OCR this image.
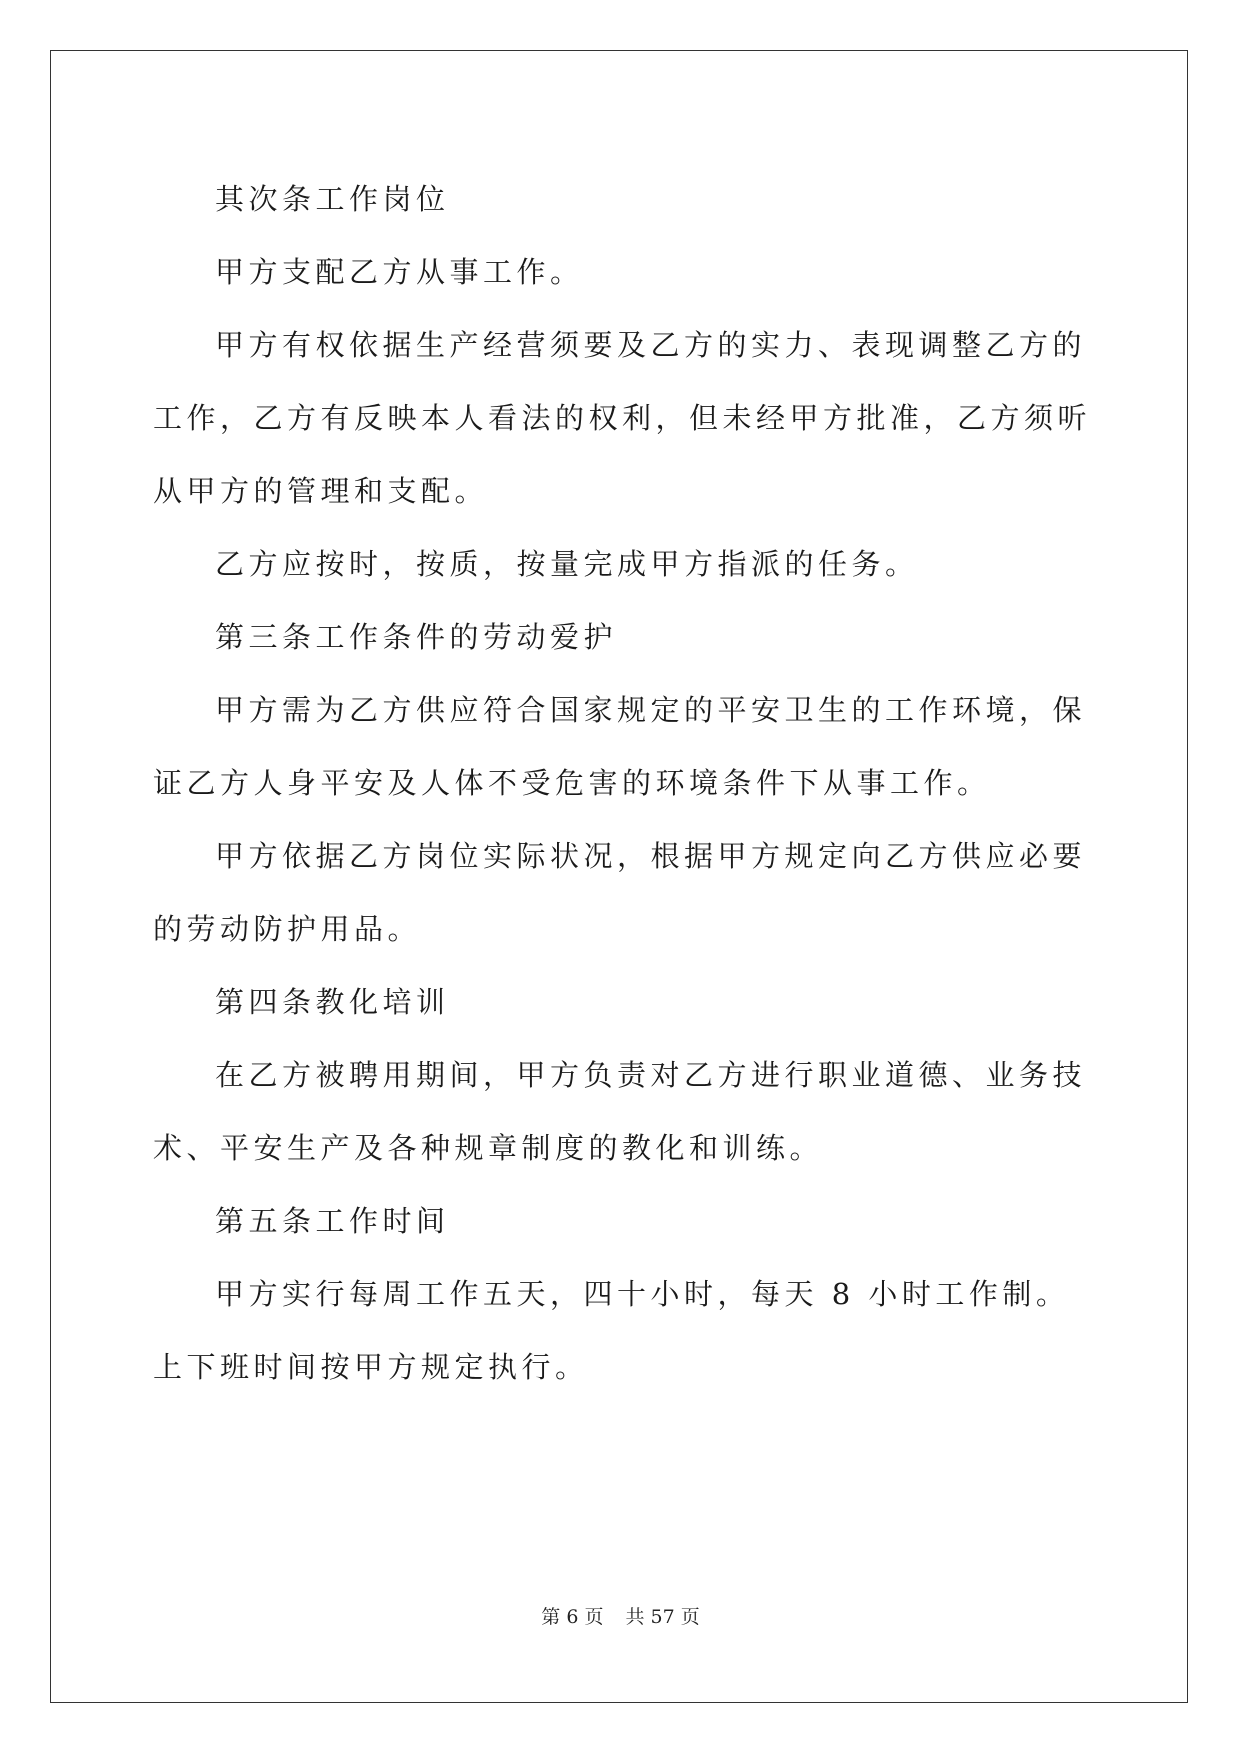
其次条工作岗位

甲方支配乙方从事工作。

甲方有权依据生产经营须要及乙方的实力、表现调整乙方的工作，乙方有反映本人看法的权利，但未经甲方批准，乙方须听从甲方的管理和支配。

乙方应按时，按质，按量完成甲方指派的任务。

第三条工作条件的劳动爱护

甲方需为乙方供应符合国家规定的平安卫生的工作环境，保证乙方人身平安及人体不受危害的环境条件下从事工作。

甲方依据乙方岗位实际状况，根据甲方规定向乙方供应必要的劳动防护用品。

第四条教化培训

在乙方被聘用期间，甲方负责对乙方进行职业道德、业务技术、平安生产及各种规章制度的教化和训练。

第五条工作时间

甲方实行每周工作五天，四十小时，每天 8 小时工作制。上下班时间按甲方规定执行。

第 6 页 共 57 页
